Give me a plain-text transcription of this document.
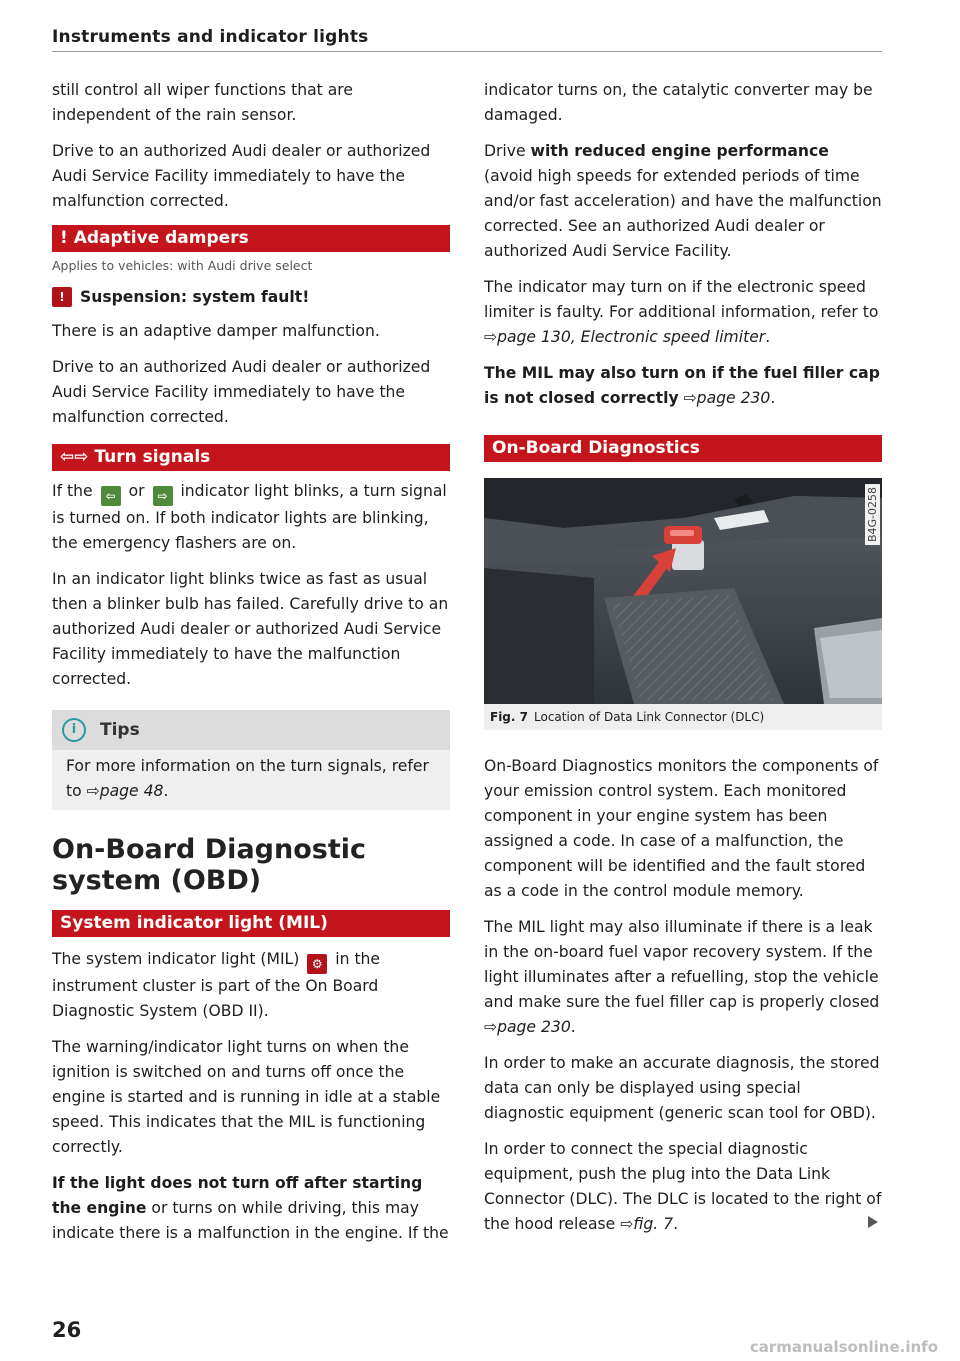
Instruments and indicator lights

still control all wiper functions that are independent of the rain sensor.

Drive to an authorized Audi dealer or authorized Audi Service Facility immediately to have the malfunction corrected.

! Adaptive dampers
Applies to vehicles: with Audi drive select
! Suspension: system fault!

There is an adaptive damper malfunction.

Drive to an authorized Audi dealer or authorized Audi Service Facility immediately to have the malfunction corrected.

⇦⇨ Turn signals

If the ⇦ or ⇨ indicator light blinks, a turn signal is turned on. If both indicator lights are blinking, the emergency flashers are on.

In an indicator light blinks twice as fast as usual then a blinker bulb has failed. Carefully drive to an authorized Audi dealer or authorized Audi Service Facility immediately to have the malfunction corrected.

i	Tips

For more information on the turn signals, refer to ⇨page 48.

On-Board Diagnostic system (OBD)
System indicator light (MIL)

The system indicator light (MIL) ⚙ in the instrument cluster is part of the On Board Diagnostic System (OBD II).

The warning/indicator light turns on when the ignition is switched on and turns off once the engine is started and is running in idle at a stable speed. This indicates that the MIL is functioning correctly.

If the light does not turn off after starting the engine or turns on while driving, this may indicate there is a malfunction in the engine. If the

indicator turns on, the catalytic converter may be damaged.

Drive with reduced engine performance (avoid high speeds for extended periods of time and/or fast acceleration) and have the malfunction corrected. See an authorized Audi dealer or authorized Audi Service Facility.

The indicator may turn on if the electronic speed limiter is faulty. For additional information, refer to ⇨page 130, Electronic speed limiter.

The MIL may also turn on if the fuel filler cap is not closed correctly ⇨page 230.

On-Board Diagnostics
B4G-0258
Fig. 7 Location of Data Link Connector (DLC)

On-Board Diagnostics monitors the components of your emission control system. Each monitored component in your engine system has been assigned a code. In case of a malfunction, the component will be identified and the fault stored as a code in the control module memory.

The MIL light may also illuminate if there is a leak in the on-board fuel vapor recovery system. If the light illuminates after a refuelling, stop the vehicle and make sure the fuel filler cap is properly closed ⇨page 230.

In order to make an accurate diagnosis, the stored data can only be displayed using special diagnostic equipment (generic scan tool for OBD).

In order to connect the special diagnostic equipment, push the plug into the Data Link Connector (DLC). The DLC is located to the right of the hood release ⇨fig. 7.

26
carmanualsonline.info
